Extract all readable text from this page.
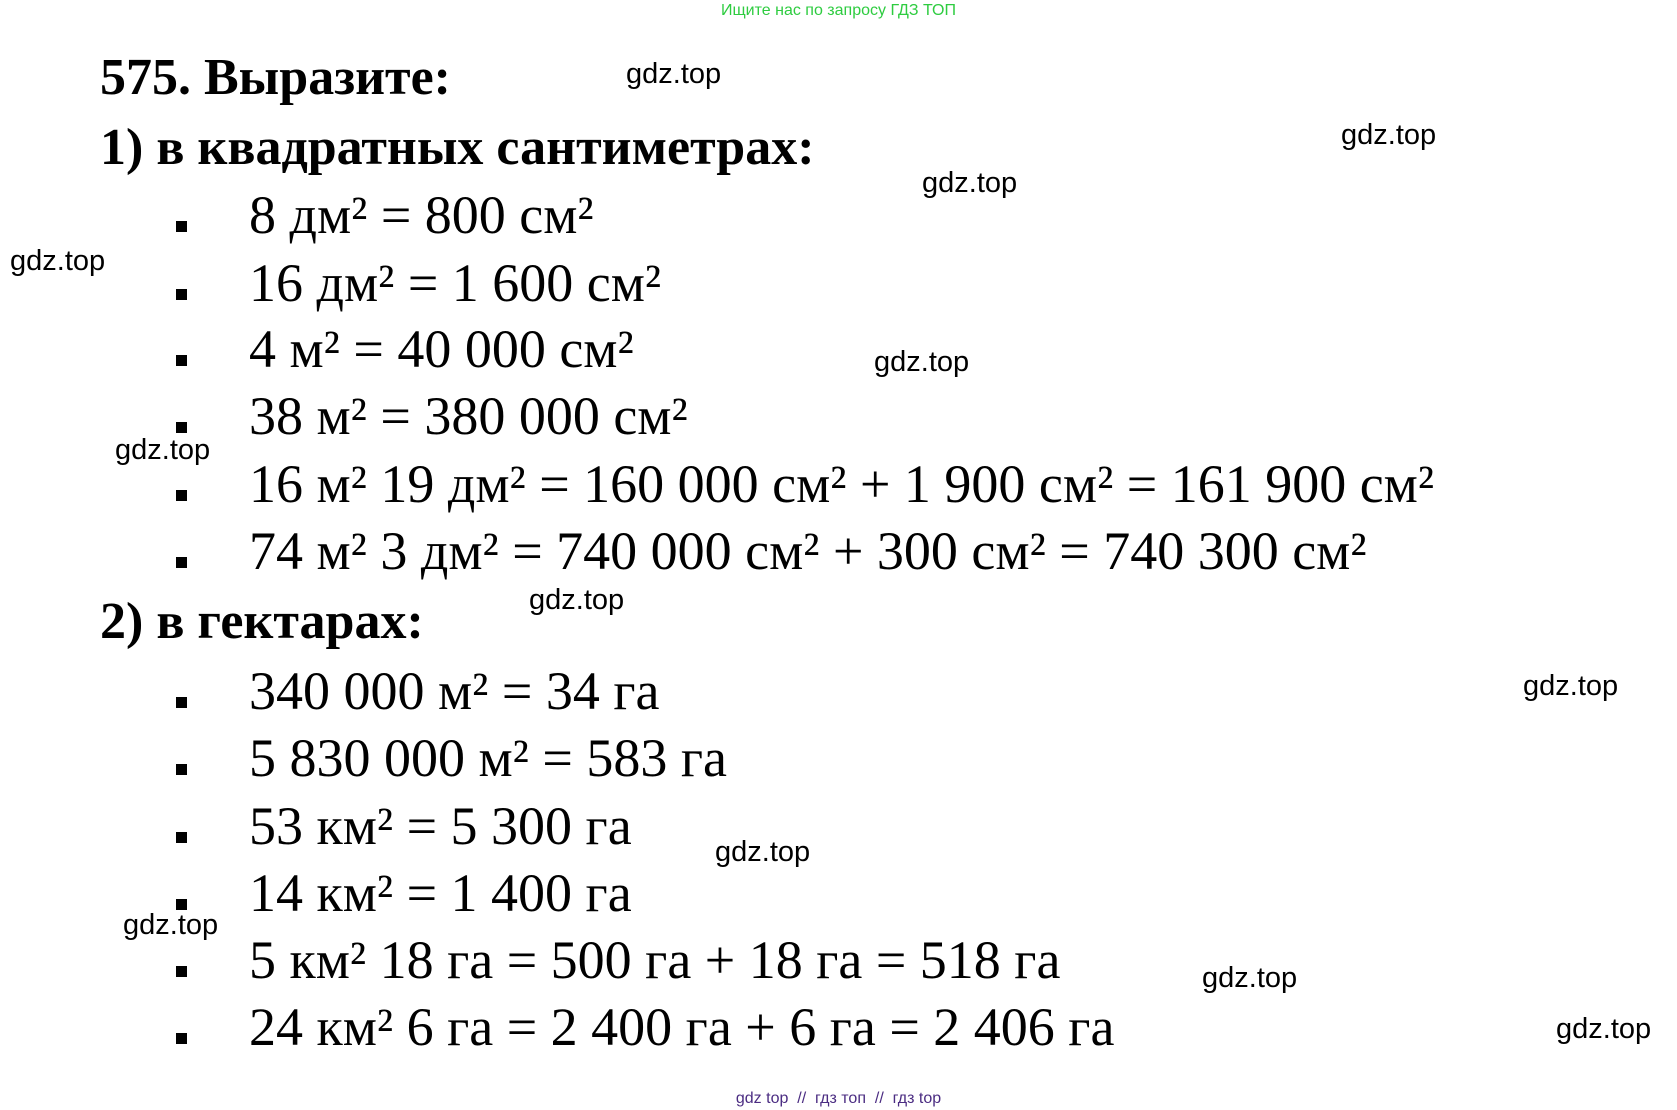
Ищите нас по запросу ГДЗ ТОП
575. Выразите:
1) в квадратных сантиметрах:
8 дм² = 800 см²
16 дм² = 1 600 см²
4 м² = 40 000 см²
38 м² = 380 000 см²
16 м² 19 дм² = 160 000 см² + 1 900 см² = 161 900 см²
74 м² 3 дм² = 740 000 см² + 300 см² = 740 300 см²
2) в гектарах:
340 000 м² = 34 га
5 830 000 м² = 583 га
53 км² = 5 300 га
14 км² = 1 400 га
5 км² 18 га = 500 га + 18 га = 518 га
24 км² 6 га = 2 400 га + 6 га = 2 406 га
gdz.top
gdz.top
gdz.top
gdz.top
gdz.top
gdz.top
gdz.top
gdz.top
gdz.top
gdz.top
gdz.top
gdz.top
gdz top  //  гдз топ  //  гдз top
